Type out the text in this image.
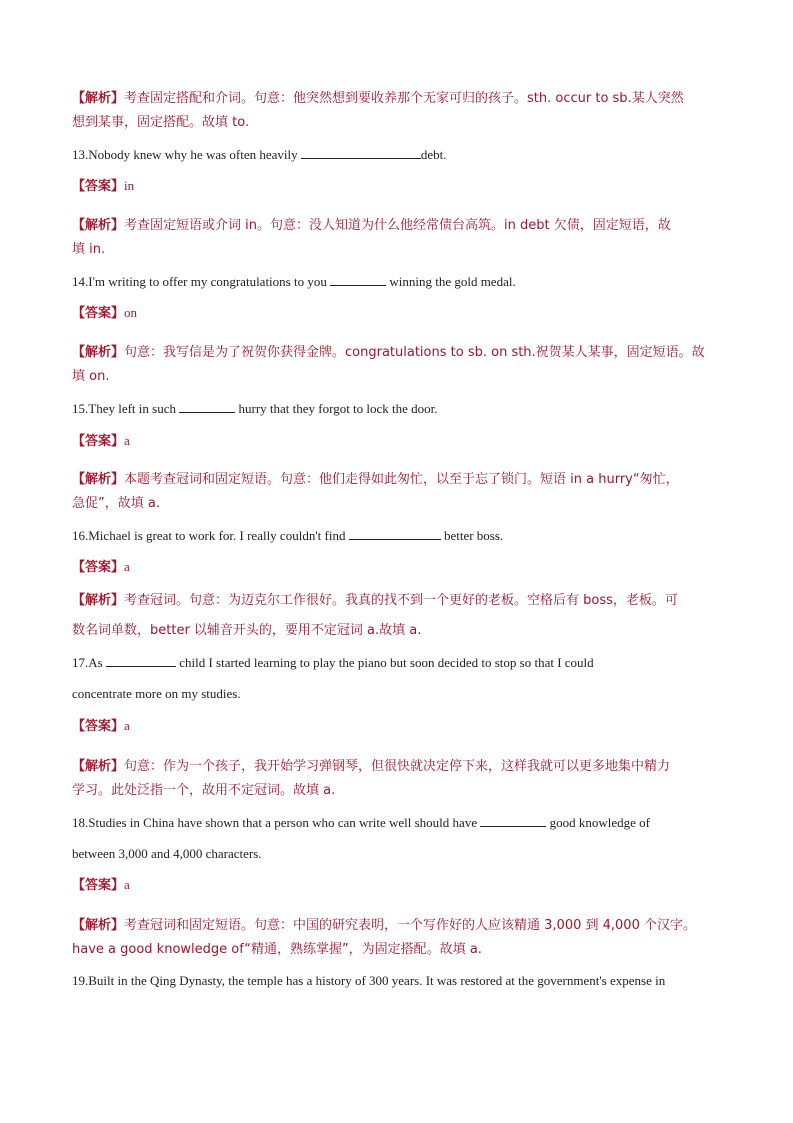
【解析】考查固定搭配和介词。句意：他突然想到要收养那个无家可归的孩子。sth. occur to sb.某人突然
想到某事，固定搭配。故填 to.
13.Nobody knew why he was often heavily	debt.
【答案】in
【解析】考查固定短语或介词 in。句意：没人知道为什么他经常债台高筑。in debt 欠债，固定短语，故
填 in.
14.I'm writing to offer my congratulations to you	winning the gold medal.
【答案】on
【解析】句意：我写信是为了祝贺你获得金牌。congratulations to sb. on sth.祝贺某人某事，固定短语。故
填 on.
15.They left in such	hurry that they forgot to lock the door.
【答案】a
【解析】本题考查冠词和固定短语。句意：他们走得如此匆忙，以至于忘了锁门。短语 in a hurry“匆忙，
急促”，故填 a.
16.Michael is great to work for. I really couldn't find	better boss.
【答案】a
【解析】考查冠词。句意：为迈克尔工作很好。我真的找不到一个更好的老板。空格后有 boss，老板。可
数名词单数，better 以辅音开头的，要用不定冠词 a.故填 a.
17.As	child I started learning to play the piano but soon decided to stop so that I could
concentrate more on my studies.
【答案】a
【解析】句意：作为一个孩子，我开始学习弹钢琴，但很快就决定停下来，这样我就可以更多地集中精力
学习。此处泛指一个，故用不定冠词。故填 a.
18.Studies in China have shown that a person who can write well should have	good knowledge of
between 3,000 and 4,000 characters.
【答案】a
【解析】考查冠词和固定短语。句意：中国的研究表明，一个写作好的人应该精通 3,000 到 4,000 个汉字。
have a good knowledge of“精通，熟练掌握”，为固定搭配。故填 a.
19.Built in the Qing Dynasty, the temple has a history of 300 years. It was restored at the government's expense in
